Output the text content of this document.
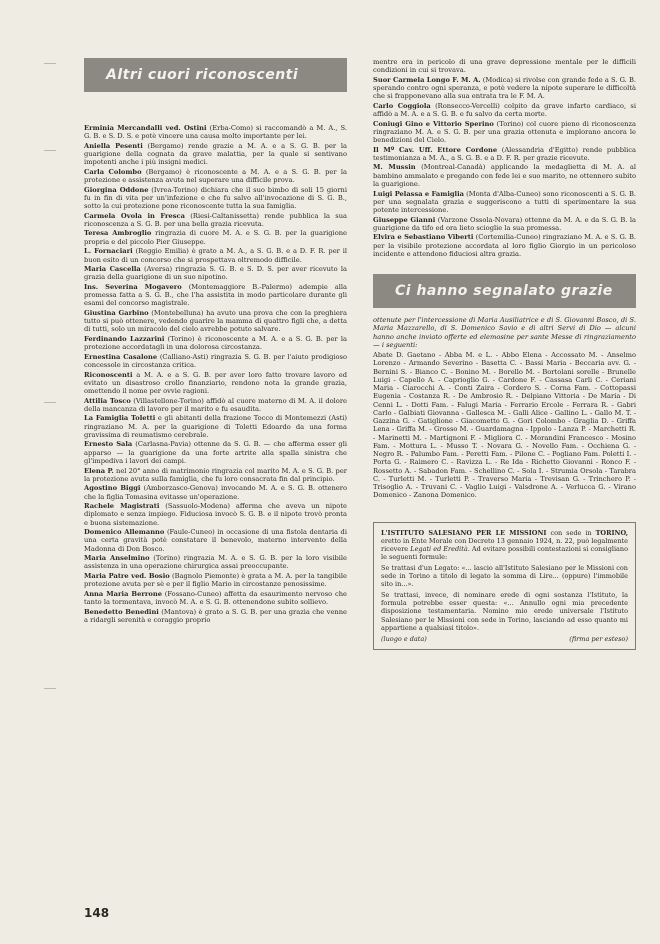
Altri cuori riconoscenti

Erminia Mercandalli ved. Ostini (Erba-Como) si raccomandò a M. A., S. G. B. e S. D. S. e potè vincere una causa molto importante per lei.

Aniella Pesenti (Bergamo) rende grazie a M. A. e a S. G. B. per la guarigione della cognata da grave malattia, per la quale si sentivano impotenti anche i più insigni medici.

Carla Colombo (Bergamo) è riconoscente a M. A. e a S. G. B. per la protezione e assistenza avuta nel superare una difficile prova.

Giorgina Oddone (Ivrea-Torino) dichiara che il suo bimbo di soli 15 giorni fu in fin di vita per un'infezione e che fu salvo all'invocazione di S. G. B., sotto la cui protezione pone riconoscente tutta la sua famiglia.

Carmela Ovola in Fresca (Riesi-Caltanissetta) rende pubblica la sua riconoscenza a S. G. B. per una bella grazia ricevuta.

Teresa Ambroglio ringrazia di cuore M. A. e S. G. B. per la guarigione propria e del piccolo Pier Giuseppe.

L. Fornaciari (Reggio Emilia) è grato a M. A., a S. G. B. e a D. F. R. per il buon esito di un concorso che si prospettava oltremodo difficile.

Maria Cascella (Aversa) ringrazia S. G. B. e S. D. S. per aver ricevuto la grazia della guarigione di un suo nipotino.

Ins. Severina Mogavero (Montemaggiore B.-Palermo) adempie alla promessa fatta a S. G. B., che l'ha assistita in modo particolare durante gli esami del concorso magistrale.

Giustina Garbino (Montebelluna) ha avuto una prova che con la preghiera tutto si può ottenere, vedendo guarire la mamma di quattro figli che, a detta di tutti, solo un miracolo del cielo avrebbe potuto salvare.

Ferdinando Lazzarini (Torino) è riconoscente a M. A. e a S. G. B. per la protezione accordatagli in una dolorosa circostanza.

Ernestina Casalone (Calliano-Asti) ringrazia S. G. B. per l'aiuto prodigioso concessole in circostanza critica.

Riconoscenti a M. A. e a S. G. B. per aver loro fatto trovare lavoro ed evitato un disastroso crollo finanziario, rendono nota la grande grazia, omettendo il nome per ovvie ragioni.

Attilia Tosco (Villastellone-Torino) affidò al cuore materno di M. A. il dolore della mancanza di lavoro per il marito e fu esaudita.

La Famiglia Toletti e gli abitanti della frazione Tocco di Montemezzi (Asti) ringraziano M. A. per la guarigione di Toletti Edoardo da una forma gravissima di reumatismo cerebrale.

Ernesto Sala (Carlasna-Pavia) ottenne da S. G. B. — che afferma esser gli apparso — la guarigione da una forte artrite alla spalla sinistra che gl'impediva i lavori dei campi.

Elena P. nel 20° anno di matrimonio ringrazia col marito M. A. e S. G. B. per la protezione avuta sulla famiglia, che fu loro consacrata fin dal principio.

Agostino Biggi (Amborzasco-Genova) invocando M. A. e S. G. B. ottenero che la figlia Tomasina evitasse un'operazione.

Rachele Magistrati (Sassuolo-Modena) afferma che aveva un nipote diplomato e senza impiego. Fiduciosa invocò S. G. B. e il nipote trovò pronta e buona sistemazione.

Domenico Allemanno (Faule-Cuneo) in occasione di una fistola dentaria di una certa gravità potè constatare il benevolo, materno intervento della Madonna di Don Bosco.

Maria Anselmino (Torino) ringrazia M. A. e S. G. B. per la loro visibile assistenza in una operazione chirurgica assai preoccupante.

Maria Patre ved. Bosio (Bagnolo Piemonte) è grata a M. A. per la tangibile protezione avuta per sè e per il figlio Mario in circostanze penosissime.

Anna Maria Berrone (Fossano-Cuneo) affetta da esaurimento nervoso che tanto la tormentava, invocò M. A. e S. G. B. ottenendone subito sollievo.

Benedetto Benedini (Mantova) è grato a S. G. B. per una grazia che venne a ridargli serenità e coraggio proprio

mentre era in pericolo di una grave depressione mentale per le difficili condizioni in cui si trovava.

Suor Carmela Longo F. M. A. (Modica) si rivolse con grande fede a S. G. B. sperando contro ogni speranza, e potè vedere la nipote superare le difficoltà che si frapponevano alla sua entrata tra le F. M. A.

Carlo Coggiola (Ronsecco-Vercelli) colpito da grave infarto cardiaco, si affidò a M. A. e a S. G. B. e fu salvo da certa morte.

Coniugi Gino e Vittorio Sperino (Torino) col cuore pieno di riconoscenza ringraziano M. A. e S. G. B. per una grazia ottenuta e implorano ancora le benedizioni del Cielo.

Il Mº Cav. Uff. Ettore Cordone (Alessandria d'Egitto) rende pubblica testimonianza a M. A., a S. G. B. e a D. F. R. per grazie ricevute.

M. Mussin (Montreal-Canadà) applicando la medaglietta di M. A. al bambino ammalato e pregando con fede lei e suo marito, ne ottennero subito la guarigione.

Luigi Pelassa e Famiglia (Monta d'Alba-Cuneo) sono riconoscenti a S. G. B. per una segnalata grazia e suggeriscono a tutti di sperimentare la sua potente intercessione.

Giuseppe Gianni (Varzone Ossola-Novara) ottenne da M. A. e da S. G. B. la guarigione da tifo ed ora lieto scioglie la sua promessa.

Elvira e Sebastiano Viberti (Cortemilia-Cuneo) ringraziano M. A. e S. G. B. per la visibile protezione accordata al loro figlio Giorgio in un pericoloso incidente e attendono fiduciosi altra grazia.

Ci hanno segnalato grazie

ottenute per l'intercessione di Maria Ausiliatrice e di S. Giovanni Bosco, di S. Maria Mazzarello, di S. Domenico Savio e di altri Servi di Dio — alcuni hanno anche inviato offerte ed elemosine per sante Messe di ringraziamento — i seguenti:

Abate D. Gaetano - Abba M. e L. - Abbo Elena - Accossato M. - Anselmo Lorenzo - Armando Severino - Basetta C. - Bassi Maria - Beccaria avv. G. - Bernini S. - Bianco C. - Bonino M. - Borello M. - Bortolani sorelle - Brunelle Luigi - Capello A. - Caprioglio G. - Cardone F. - Cassasa Carli C. - Ceriani Maria - Ciarocchi A. - Conti Zaira - Cordero S. - Corna Fam. - Cottopassi Eugenia - Costanza R. - De Ambrosio R. - Delpiano Vittoria - De Maria - Di Cenni L. - Dotti Fam. - Falugi Maria - Ferrario Ercole - Ferrara R. - Gabri Carlo - Galbiati Giovanna - Gallesca M. - Galli Alice - Gallino L. - Gallo M. T. - Gazzina G. - Gatiglione - Giacometto G. - Gori Colombo - Graglia D. - Griffa Lena - Griffa M. - Grosso M. - Guardamagna - Ippolo - Lanza P. - Marchetti R. - Marinetti M. - Martignoni F. - Migliora C. - Morandini Francesco - Mosino Fam. - Mottura L. - Musso T. - Novara G. - Novello Fam. - Occhiena G. - Negro R. - Palumbo Fam. - Peretti Fam. - Pilone C. - Pogliano Fam. Poletti I. - Porta G. - Raimero C. - Ravizza L. - Re Ida - Richetto Giovanni - Ronco F. - Rossetto A. - Sabadon Fam. - Schellino C. - Sola I. - Strumia Orsola - Tarabra C. - Turletti M. - Turletti P. - Traverso Maria - Trevisan G. - Trinchero P. - Trisoglio A. - Truvani C. - Vaglio Luigi - Valsdrone A. - Verlucca G. - Virano Domenico - Zanona Domenico.

L'ISTITUTO SALESIANO PER LE MISSIONI con sede in TORINO, eretto in Ente Morale con Decreto 13 gennaio 1924, n. 22, può legalmente ricevere Legati ed Eredità. Ad evitare possibili contestazioni si consigliano le seguenti formule:

Se trattasi d'un Legato: «... lascio all'Istituto Salesiano per le Missioni con sede in Torino a titolo di legato la somma di Lire... (oppure) l'immobile sito in...».

Se trattasi, invece, di nominare erede di ogni sostanza l'Istituto, la formula potrebbe esser questa: «... Annullo ogni mia precedente disposizione testamentaria. Nomino mio erede universale l'Istituto Salesiano per le Missioni con sede in Torino, lasciando ad esso quanto mi appartiene a qualsiasi titolo».

(luogo e data)	(firma per esteso)
148
